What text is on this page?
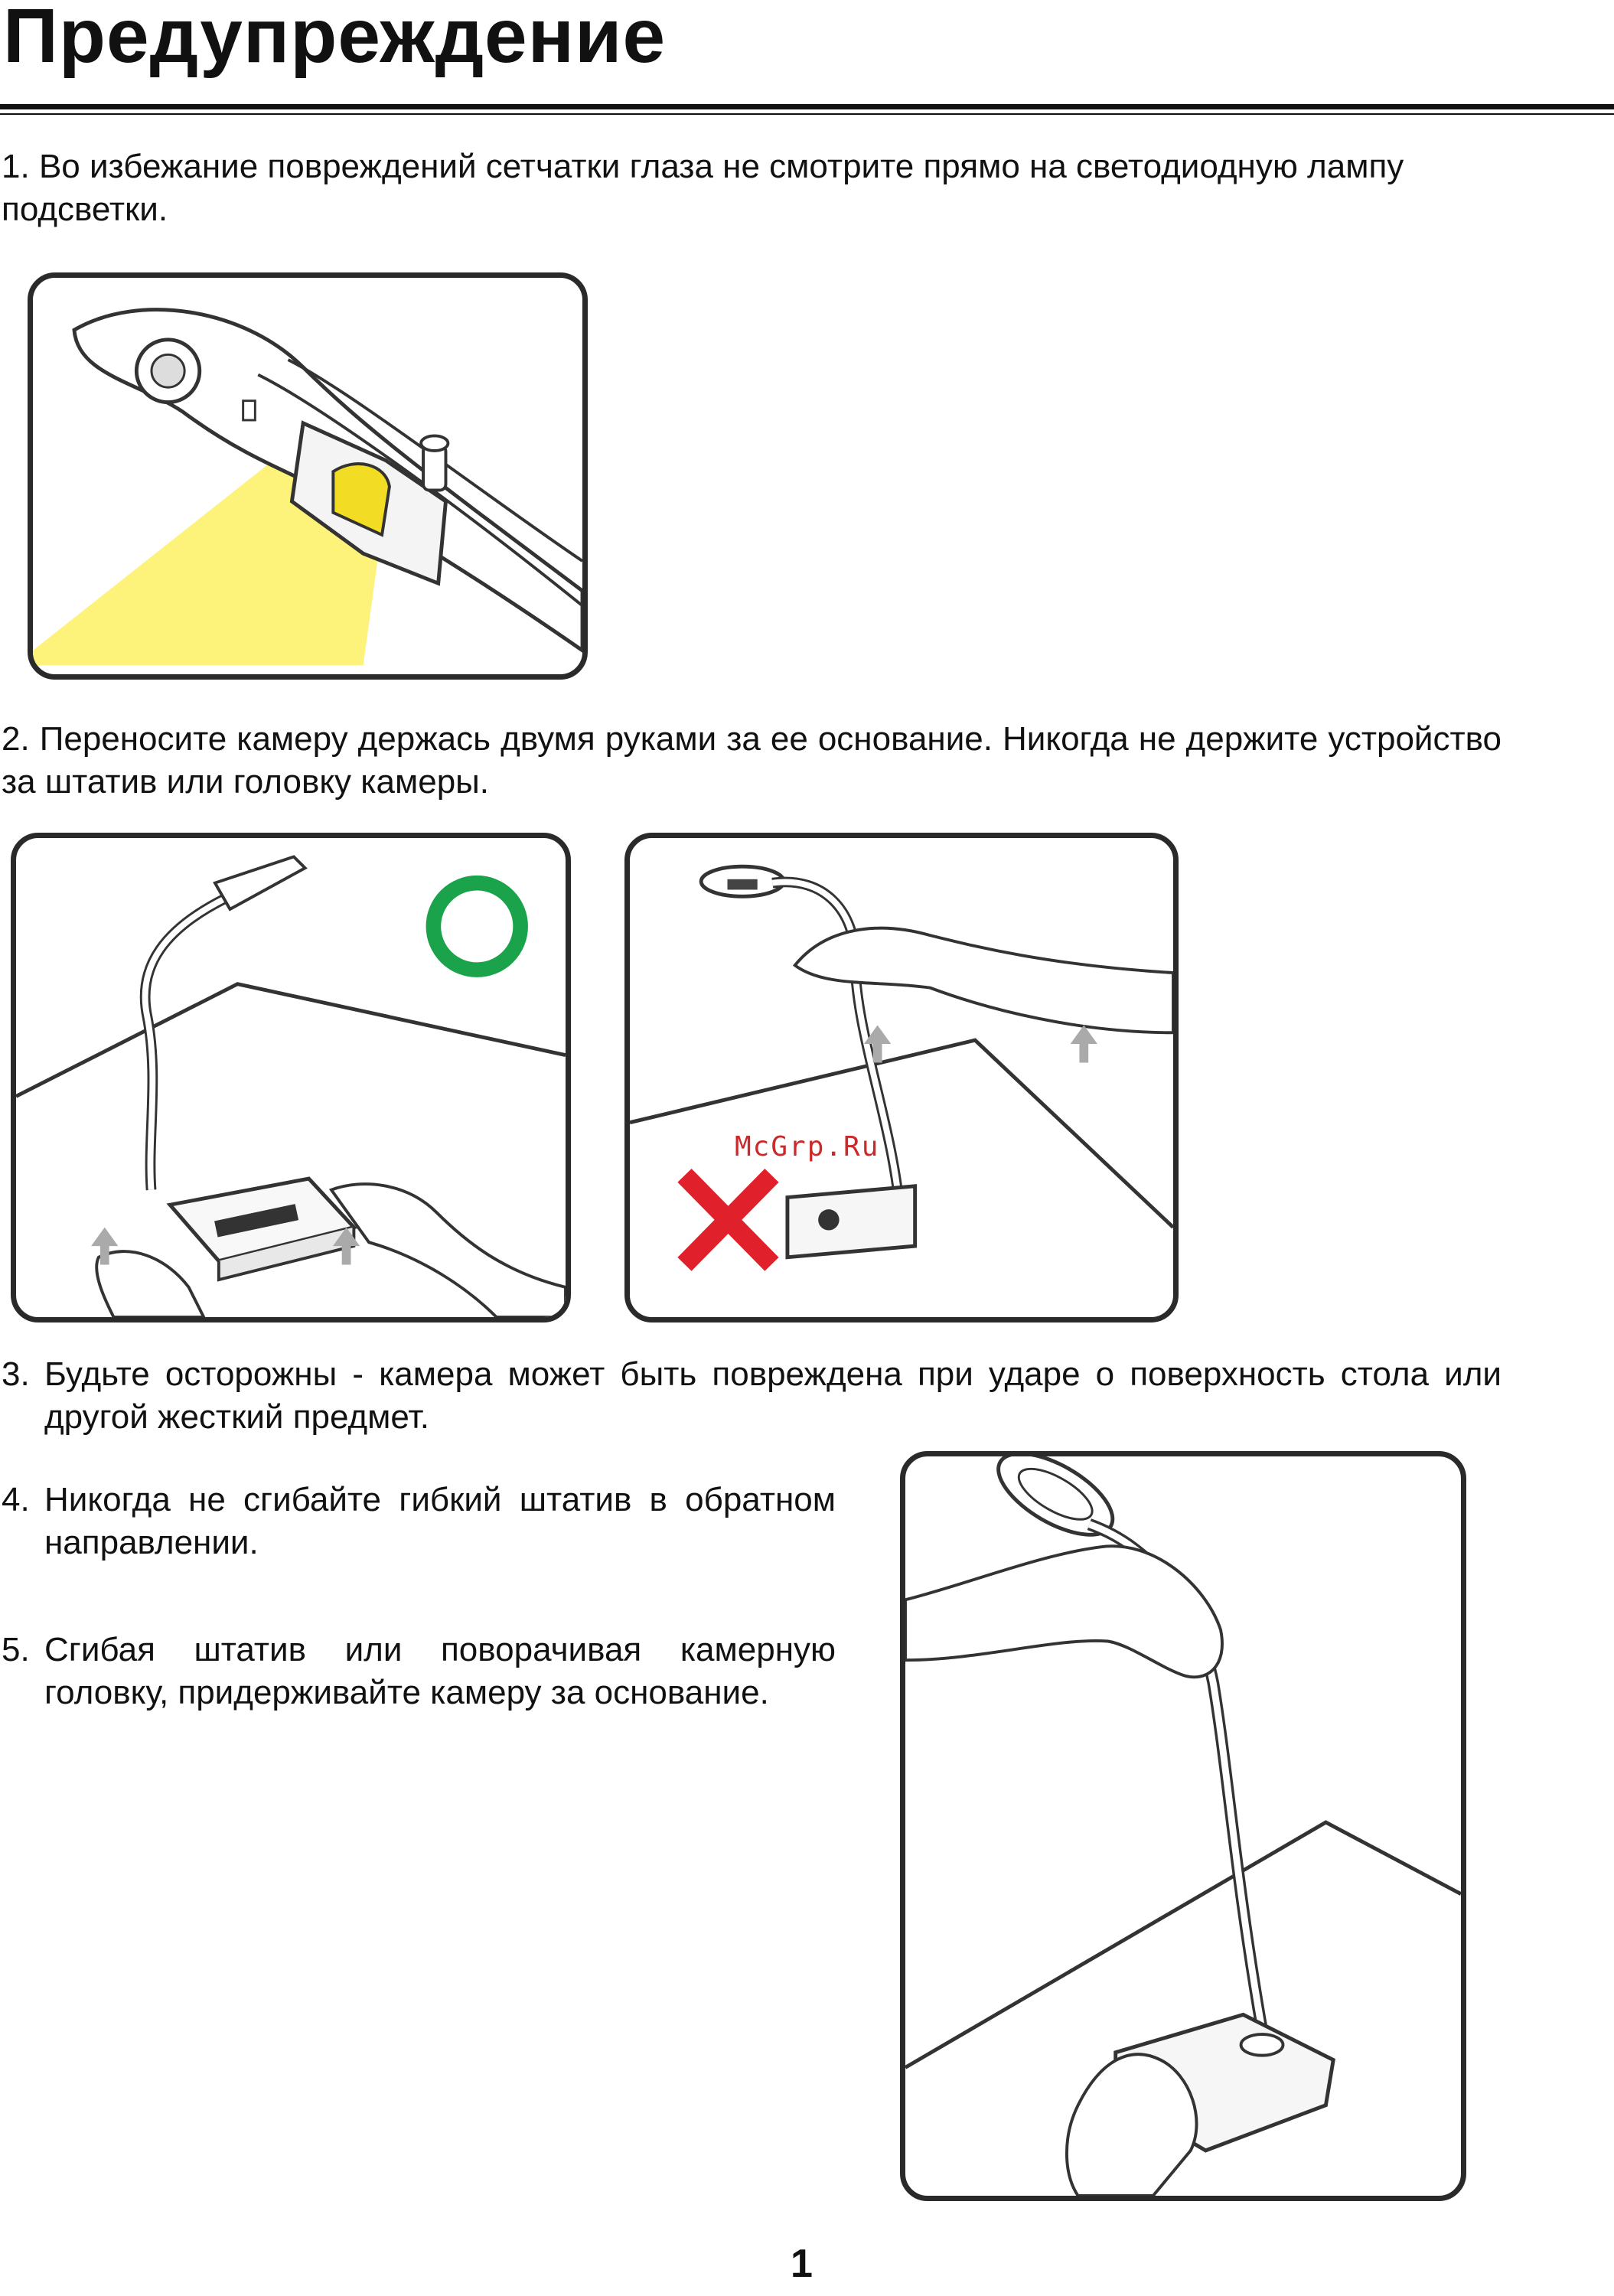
Предупреждение

1. Во избежание повреждений сетчатки глаза не смотрите прямо на светодиодную лампу подсветки.

2. Переносите камеру держась двумя руками за ее основание. Никогда не держите устройство за штатив или головку камеры.

McGrp.Ru
3. Будьте осторожны - камера может быть повреждена при ударе о поверхность стола или другой жесткий предмет.
4. Никогда не сгибайте гибкий штатив в обратном направлении.
5. Сгибая штатив или поворачивая камерную головку, придерживайте камеру за основание.
1
